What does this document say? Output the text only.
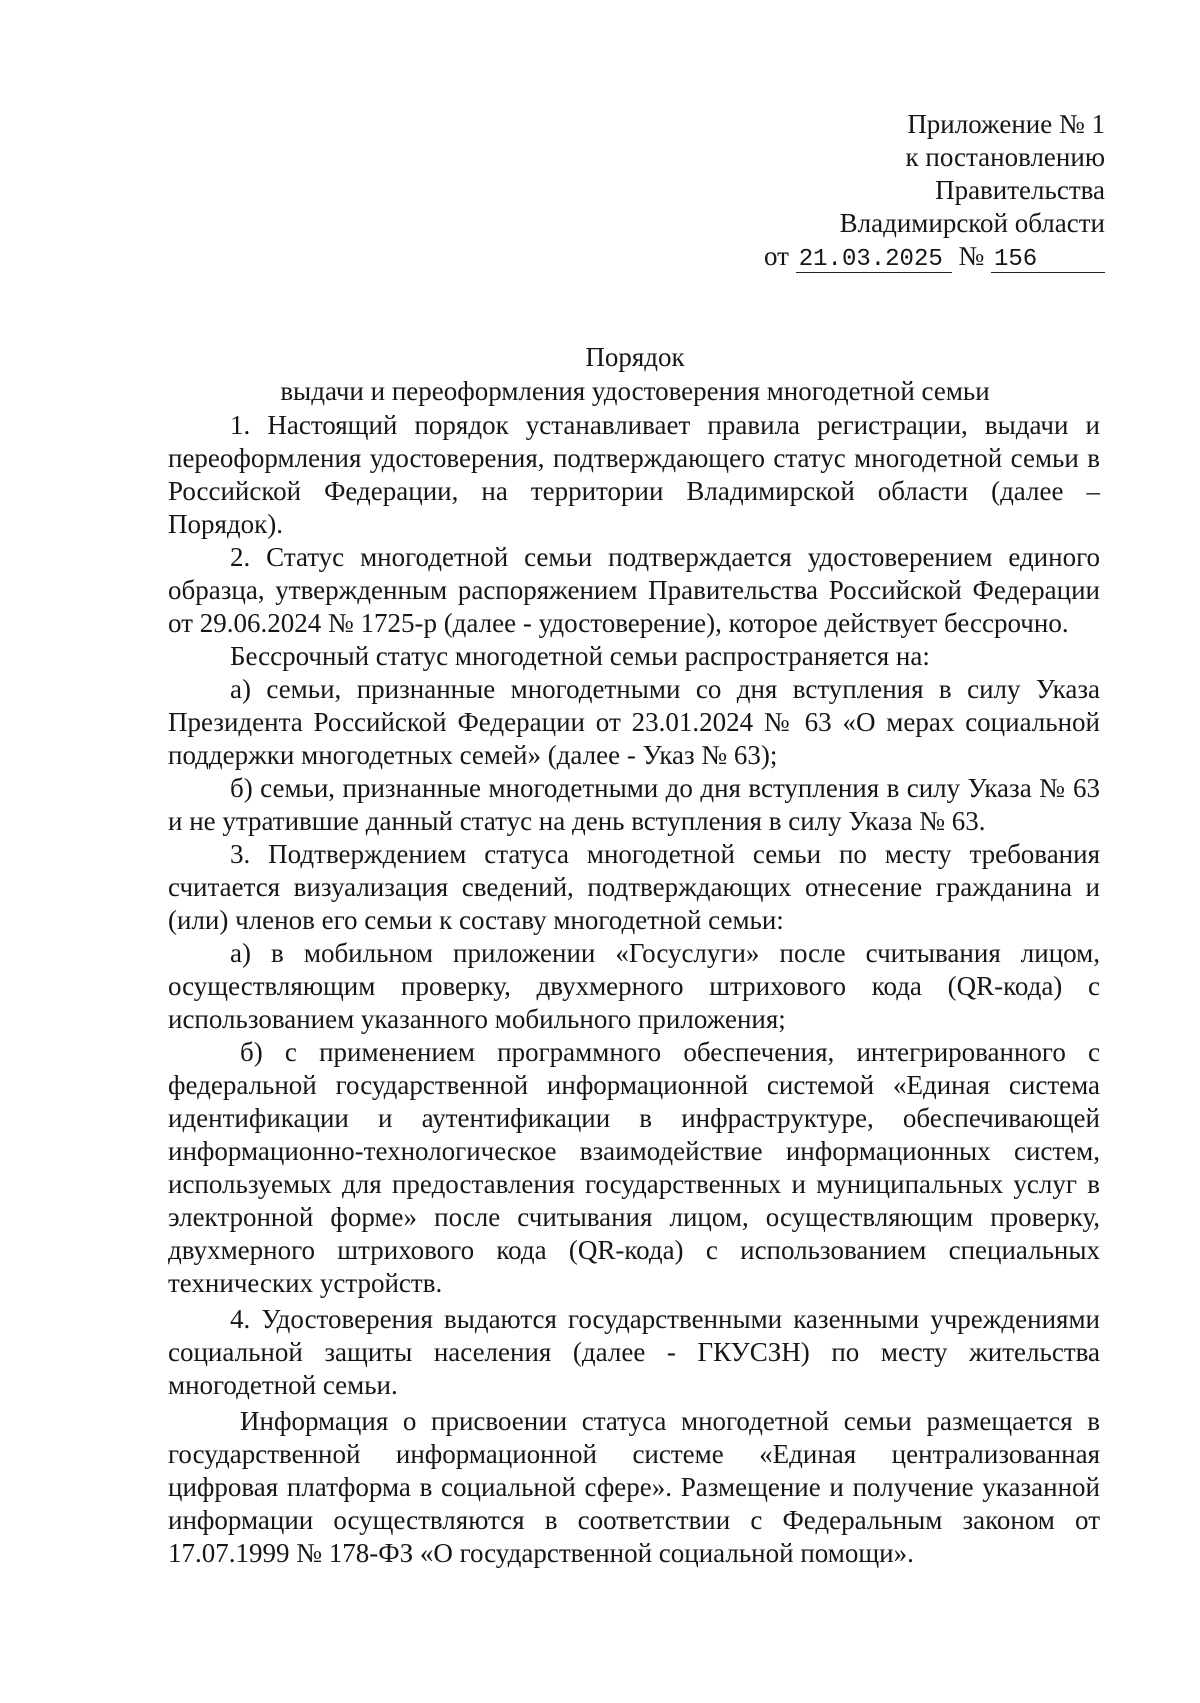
Приложение № 1
к постановлению
Правительства
Владимирской области
от 21.03.2025 № 156
Порядок
выдачи и переоформления удостоверения многодетной семьи

1. Настоящий порядок устанавливает правила регистрации, выдачи и переоформления удостоверения, подтверждающего статус многодетной семьи в Российской Федерации, на территории Владимирской области (далее – Порядок).

2. Статус многодетной семьи подтверждается удостоверением единого образца, утвержденным распоряжением Правительства Российской Федерации от 29.06.2024 № 1725-р (далее - удостоверение), которое действует бессрочно.

Бессрочный статус многодетной семьи распространяется на:

а) семьи, признанные многодетными со дня вступления в силу Указа Президента Российской Федерации от 23.01.2024 № 63 «О мерах социальной поддержки многодетных семей» (далее - Указ № 63);

б) семьи, признанные многодетными до дня вступления в силу Указа № 63 и не утратившие данный статус на день вступления в силу Указа № 63.

3. Подтверждением статуса многодетной семьи по месту требования считается визуализация сведений, подтверждающих отнесение гражданина и (или) членов его семьи к составу многодетной семьи:

а) в мобильном приложении «Госуслуги» после считывания лицом, осуществляющим проверку, двухмерного штрихового кода (QR-кода) с использованием указанного мобильного приложения;

б) с применением программного обеспечения, интегрированного с федеральной государственной информационной системой «Единая система идентификации и аутентификации в инфраструктуре, обеспечивающей информационно-технологическое взаимодействие информационных систем, используемых для предоставления государственных и муниципальных услуг в электронной форме» после считывания лицом, осуществляющим проверку, двухмерного штрихового кода (QR-кода) с использованием специальных технических устройств.

4. Удостоверения выдаются государственными казенными учреждениями социальной защиты населения (далее - ГКУСЗН) по месту жительства многодетной семьи.

Информация о присвоении статуса многодетной семьи размещается в государственной информационной системе «Единая централизованная цифровая платформа в социальной сфере». Размещение и получение указанной информации осуществляются в соответствии с Федеральным законом от 17.07.1999 № 178-ФЗ «О государственной социальной помощи».
